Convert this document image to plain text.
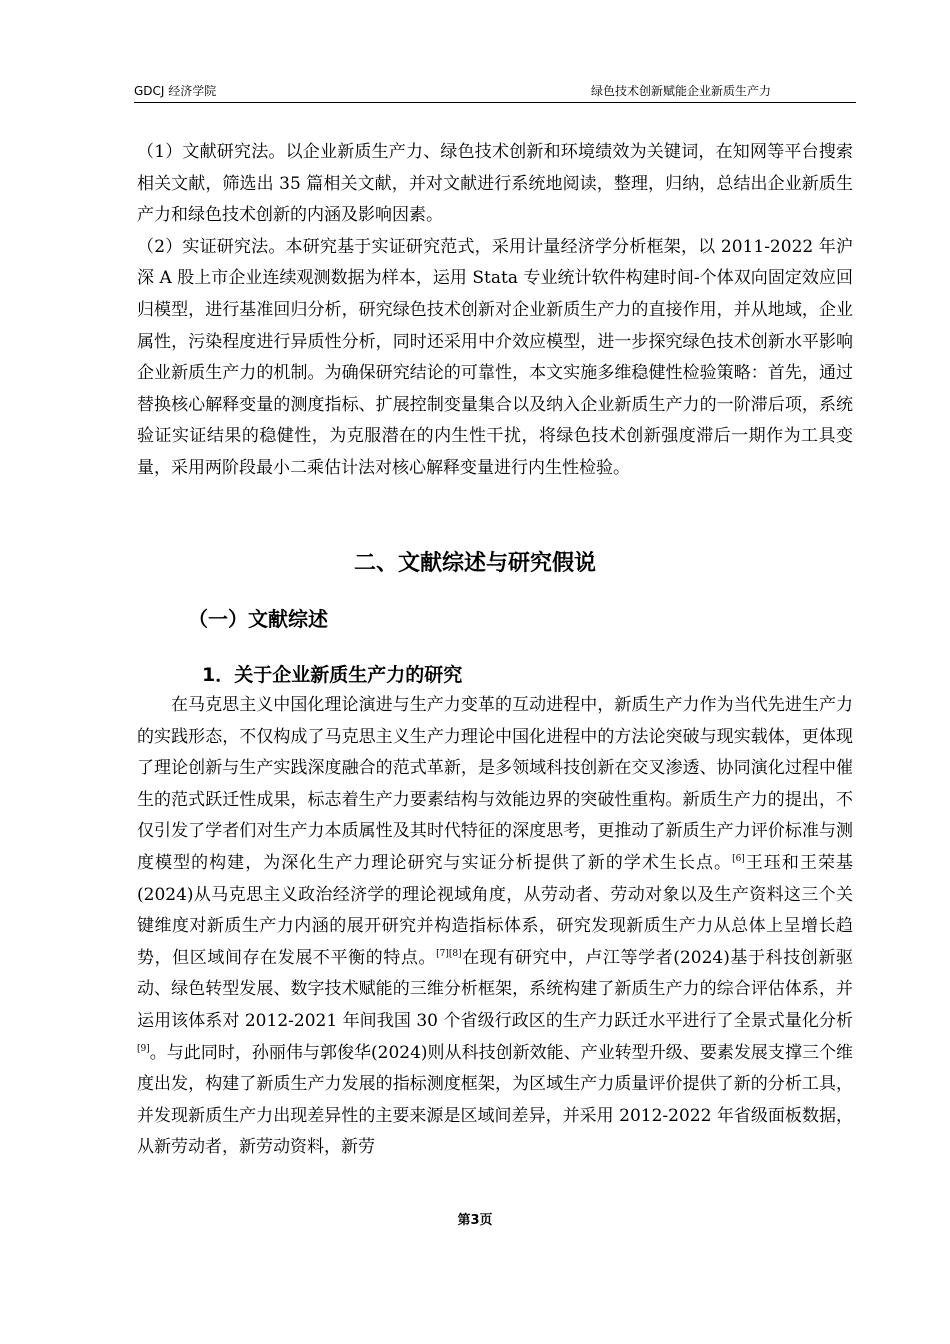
GDCJ 经济学院	绿色技术创新赋能企业新质生产力

（1）文献研究法。以企业新质生产力、绿色技术创新和环境绩效为关键词，在知网等平台搜索相关文献，筛选出 35 篇相关文献，并对文献进行系统地阅读，整理，归纳，总结出企业新质生产力和绿色技术创新的内涵及影响因素。

（2）实证研究法。本研究基于实证研究范式，采用计量经济学分析框架，以 2011-2022 年沪深 A 股上市企业连续观测数据为样本，运用 Stata 专业统计软件构建时间-个体双向固定效应回归模型，进行基准回归分析，研究绿色技术创新对企业新质生产力的直接作用，并从地域，企业属性，污染程度进行异质性分析，同时还采用中介效应模型，进一步探究绿色技术创新水平影响企业新质生产力的机制。为确保研究结论的可靠性，本文实施多维稳健性检验策略：首先，通过替换核心解释变量的测度指标、扩展控制变量集合以及纳入企业新质生产力的一阶滞后项，系统验证实证结果的稳健性，为克服潜在的内生性干扰，将绿色技术创新强度滞后一期作为工具变量，采用两阶段最小二乘估计法对核心解释变量进行内生性检验。

二、文献综述与研究假说
（一）文献综述
1．关于企业新质生产力的研究

在马克思主义中国化理论演进与生产力变革的互动进程中，新质生产力作为当代先进生产力的实践形态，不仅构成了马克思主义生产力理论中国化进程中的方法论突破与现实载体，更体现了理论创新与生产实践深度融合的范式革新，是多领域科技创新在交叉渗透、协同演化过程中催生的范式跃迁性成果，标志着生产力要素结构与效能边界的突破性重构。新质生产力的提出，不仅引发了学者们对生产力本质属性及其时代特征的深度思考，更推动了新质生产力评价标准与测度模型的构建，为深化生产力理论研究与实证分析提供了新的学术生长点。[6]王珏和王荣基(2024)从马克思主义政治经济学的理论视域角度，从劳动者、劳动对象以及生产资料这三个关键维度对新质生产力内涵的展开研究并构造指标体系，研究发现新质生产力从总体上呈增长趋势，但区域间存在发展不平衡的特点。[7][8]在现有研究中，卢江等学者(2024)基于科技创新驱动、绿色转型发展、数字技术赋能的三维分析框架，系统构建了新质生产力的综合评估体系，并运用该体系对 2012-2021 年间我国 30 个省级行政区的生产力跃迁水平进行了全景式量化分析[9]。与此同时，孙丽伟与郭俊华(2024)则从科技创新效能、产业转型升级、要素发展支撑三个维度出发，构建了新质生产力发展的指标测度框架，为区域生产力质量评价提供了新的分析工具，并发现新质生产力出现差异性的主要来源是区域间差异，并采用 2012-2022 年省级面板数据，从新劳动者，新劳动资料，新劳

第3页
